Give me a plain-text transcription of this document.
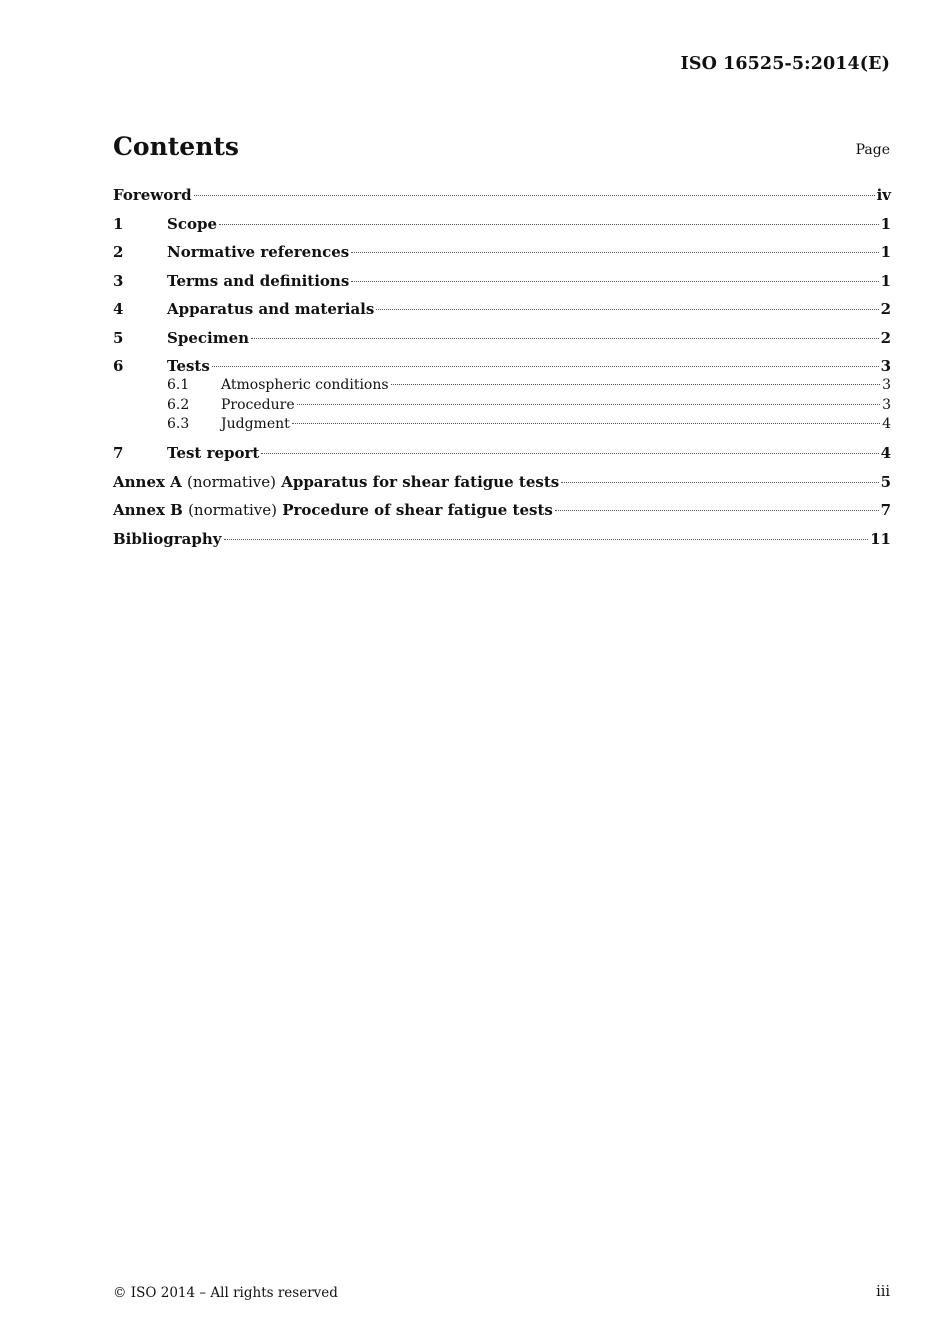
ISO 16525-5:2014(E)
Contents	Page
Foreword	iv
1	Scope	1
2	Normative references	1
3	Terms and definitions	1
4	Apparatus and materials	2
5	Specimen	2
6	Tests	3
6.1	Atmospheric conditions	3
6.2	Procedure	3
6.3	Judgment	4
7	Test report	4
Annex A (normative) Apparatus for shear fatigue tests	5
Annex B (normative) Procedure of shear fatigue tests	7
Bibliography	11
© ISO 2014 – All rights reserved	iii
